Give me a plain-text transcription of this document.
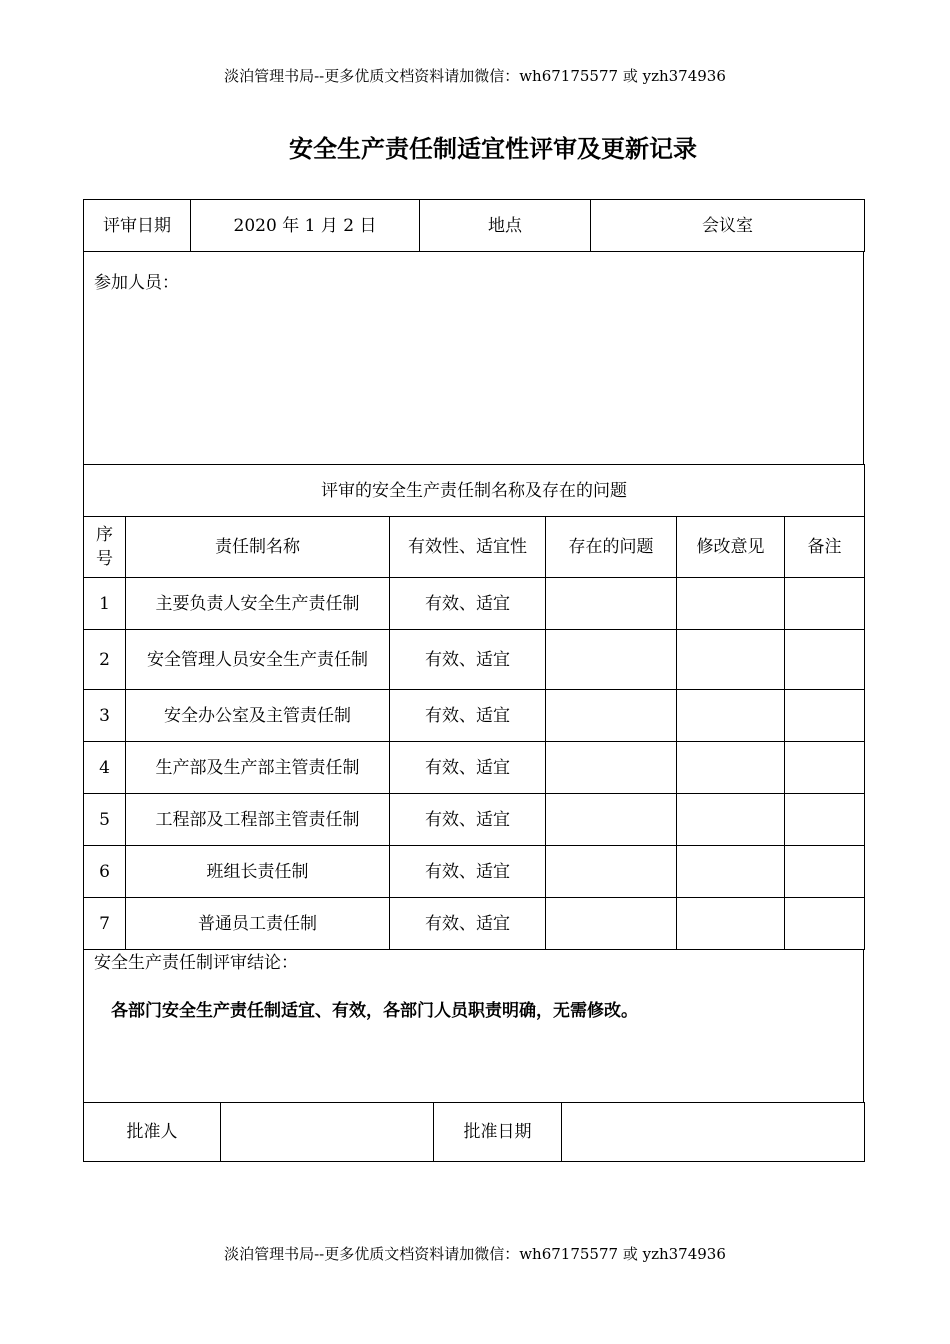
淡泊管理书局--更多优质文档资料请加微信：wh67175577 或 yzh374936
安全生产责任制适宜性评审及更新记录
评审日期	2020 年 1 月 2 日	地点	会议室
参加人员：
评审的安全生产责任制名称及存在的问题					
序号	责任制名称	有效性、适宜性	存在的问题	修改意见	备注
1	主要负责人安全生产责任制	有效、适宜			
2	安全管理人员安全生产责任制	有效、适宜			
3	安全办公室及主管责任制	有效、适宜			
4	生产部及生产部主管责任制	有效、适宜			
5	工程部及工程部主管责任制	有效、适宜			
6	班组长责任制	有效、适宜			
7	普通员工责任制	有效、适宜			
安全生产责任制评审结论：
各部门安全生产责任制适宜、有效，各部门人员职责明确，无需修改。
批准人		批准日期	
淡泊管理书局--更多优质文档资料请加微信：wh67175577 或 yzh374936
